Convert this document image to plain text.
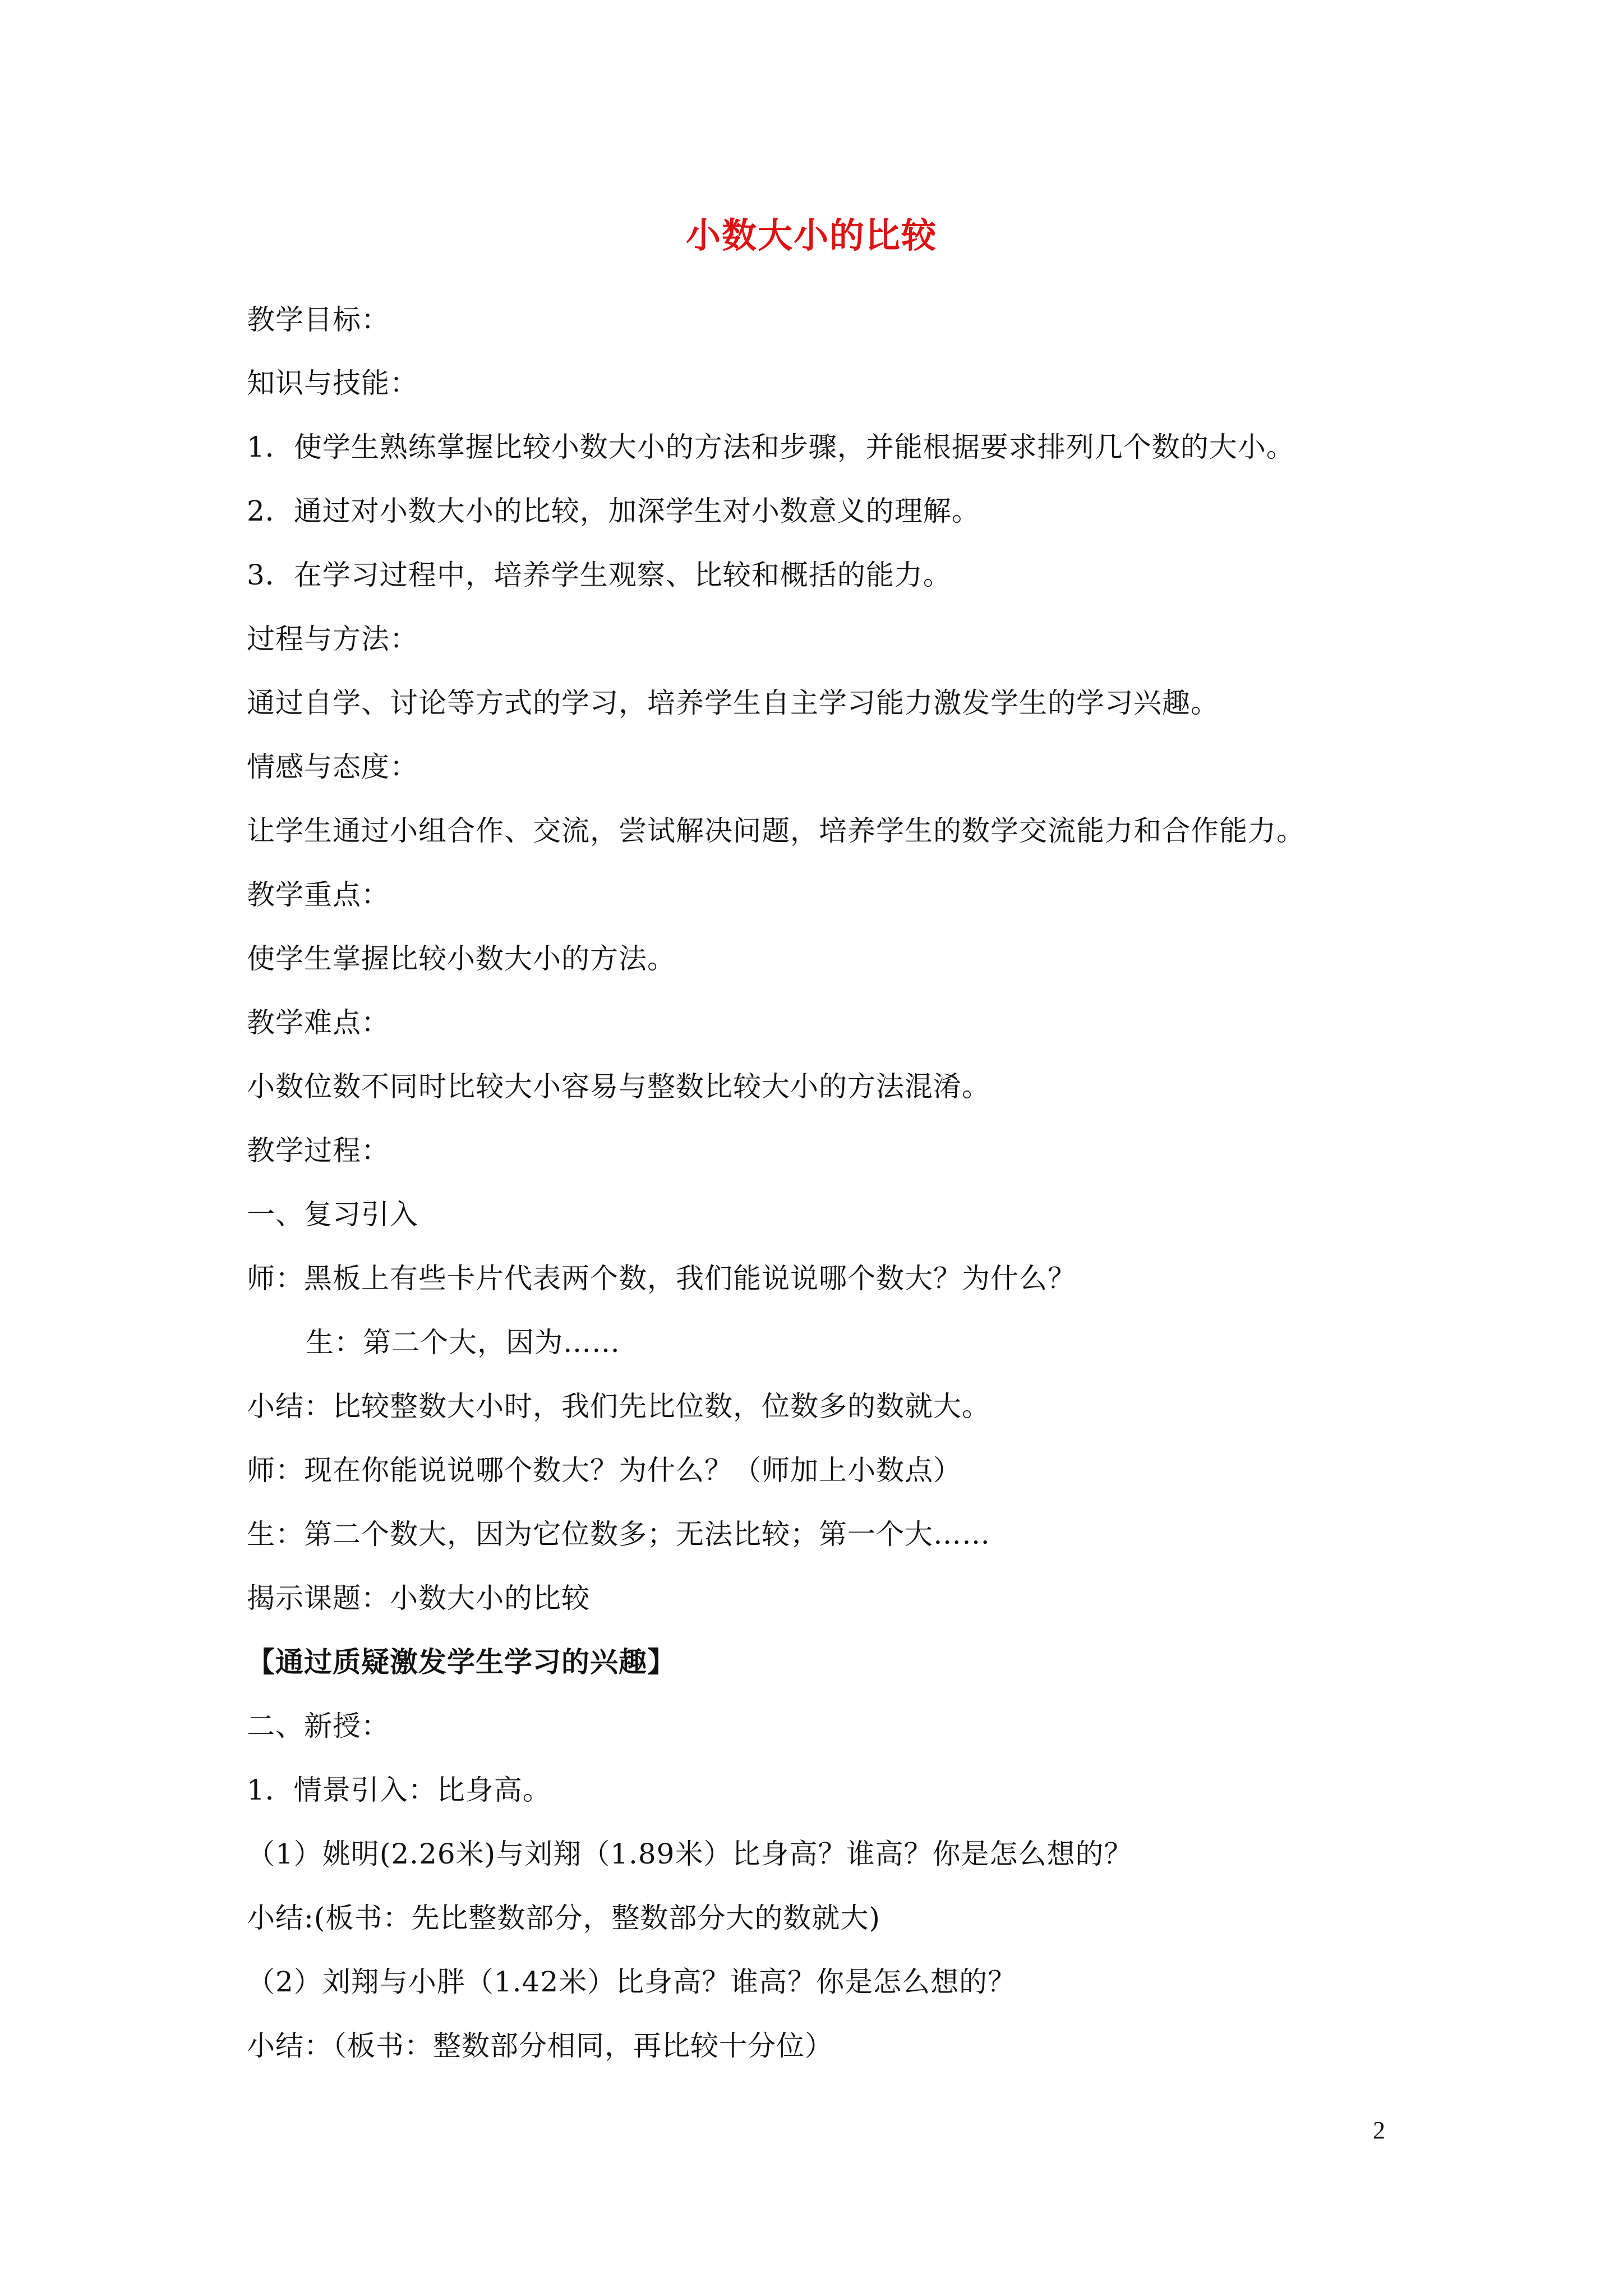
小数大小的比较
教学目标：
知识与技能：
1．使学生熟练掌握比较小数大小的方法和步骤，并能根据要求排列几个数的大小。
2．通过对小数大小的比较，加深学生对小数意义的理解。
3．在学习过程中，培养学生观察、比较和概括的能力。
过程与方法：
通过自学、讨论等方式的学习，培养学生自主学习能力激发学生的学习兴趣。
情感与态度：
让学生通过小组合作、交流，尝试解决问题，培养学生的数学交流能力和合作能力。
教学重点：
使学生掌握比较小数大小的方法。
教学难点：
小数位数不同时比较大小容易与整数比较大小的方法混淆。
教学过程：
一、复习引入
师：黑板上有些卡片代表两个数，我们能说说哪个数大？为什么？
生：第二个大，因为……
小结：比较整数大小时，我们先比位数，位数多的数就大。
师：现在你能说说哪个数大？为什么？（师加上小数点）
生：第二个数大，因为它位数多；无法比较；第一个大……
揭示课题：小数大小的比较
【通过质疑激发学生学习的兴趣】
二、新授：
1．情景引入：比身高。
（1）姚明(2.26米)与刘翔（1.89米）比身高？谁高？你是怎么想的？
小结:(板书：先比整数部分，整数部分大的数就大)
（2）刘翔与小胖（1.42米）比身高？谁高？你是怎么想的？
小结：（板书：整数部分相同，再比较十分位）
2
